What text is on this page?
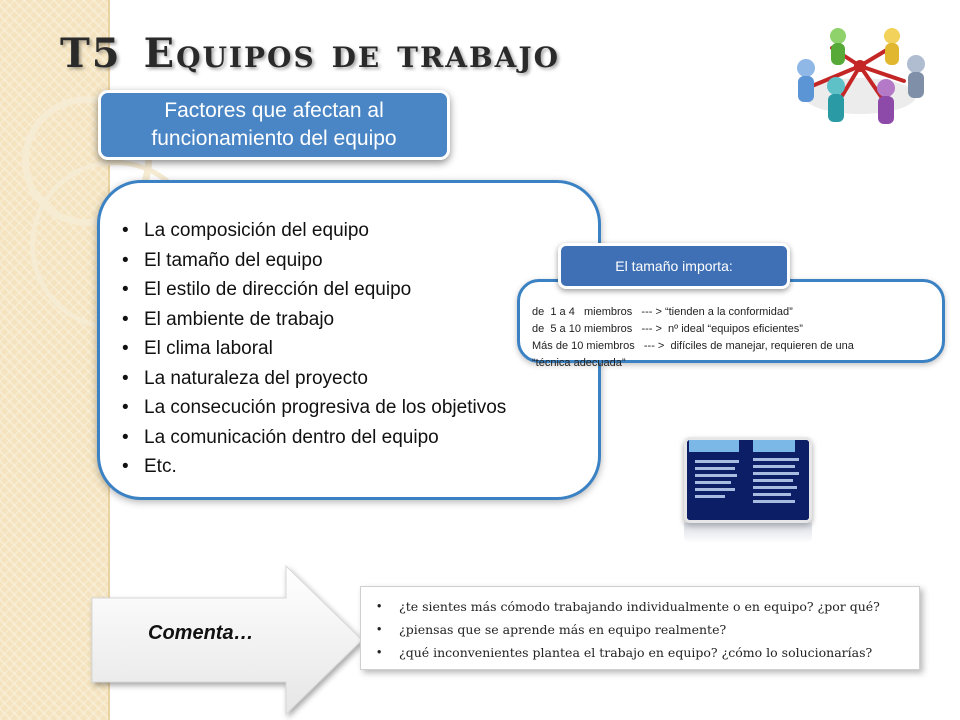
T5 Equipos de trabajo
Factores que afectan al funcionamiento del equipo
• La composición del equipo
• El tamaño del equipo
• El estilo de dirección del equipo
• El ambiente de trabajo
• El clima laboral
• La naturaleza del proyecto
• La consecución progresiva de los objetivos
• La comunicación dentro del equipo
• Etc.
El tamaño importa:
de  1 a 4   miembros   --- > “tienden a la conformidad”
de  5 a 10 miembros   --- >  nº ideal “equipos eficientes”
Más de 10 miembros   --- >  difíciles de manejar, requieren de una
“técnica adecuada”
Comenta…
• ¿te sientes más cómodo trabajando individualmente o en equipo? ¿por qué?
• ¿piensas que se aprende más en equipo realmente?
• ¿qué inconvenientes plantea el trabajo en equipo? ¿cómo lo solucionarías?
